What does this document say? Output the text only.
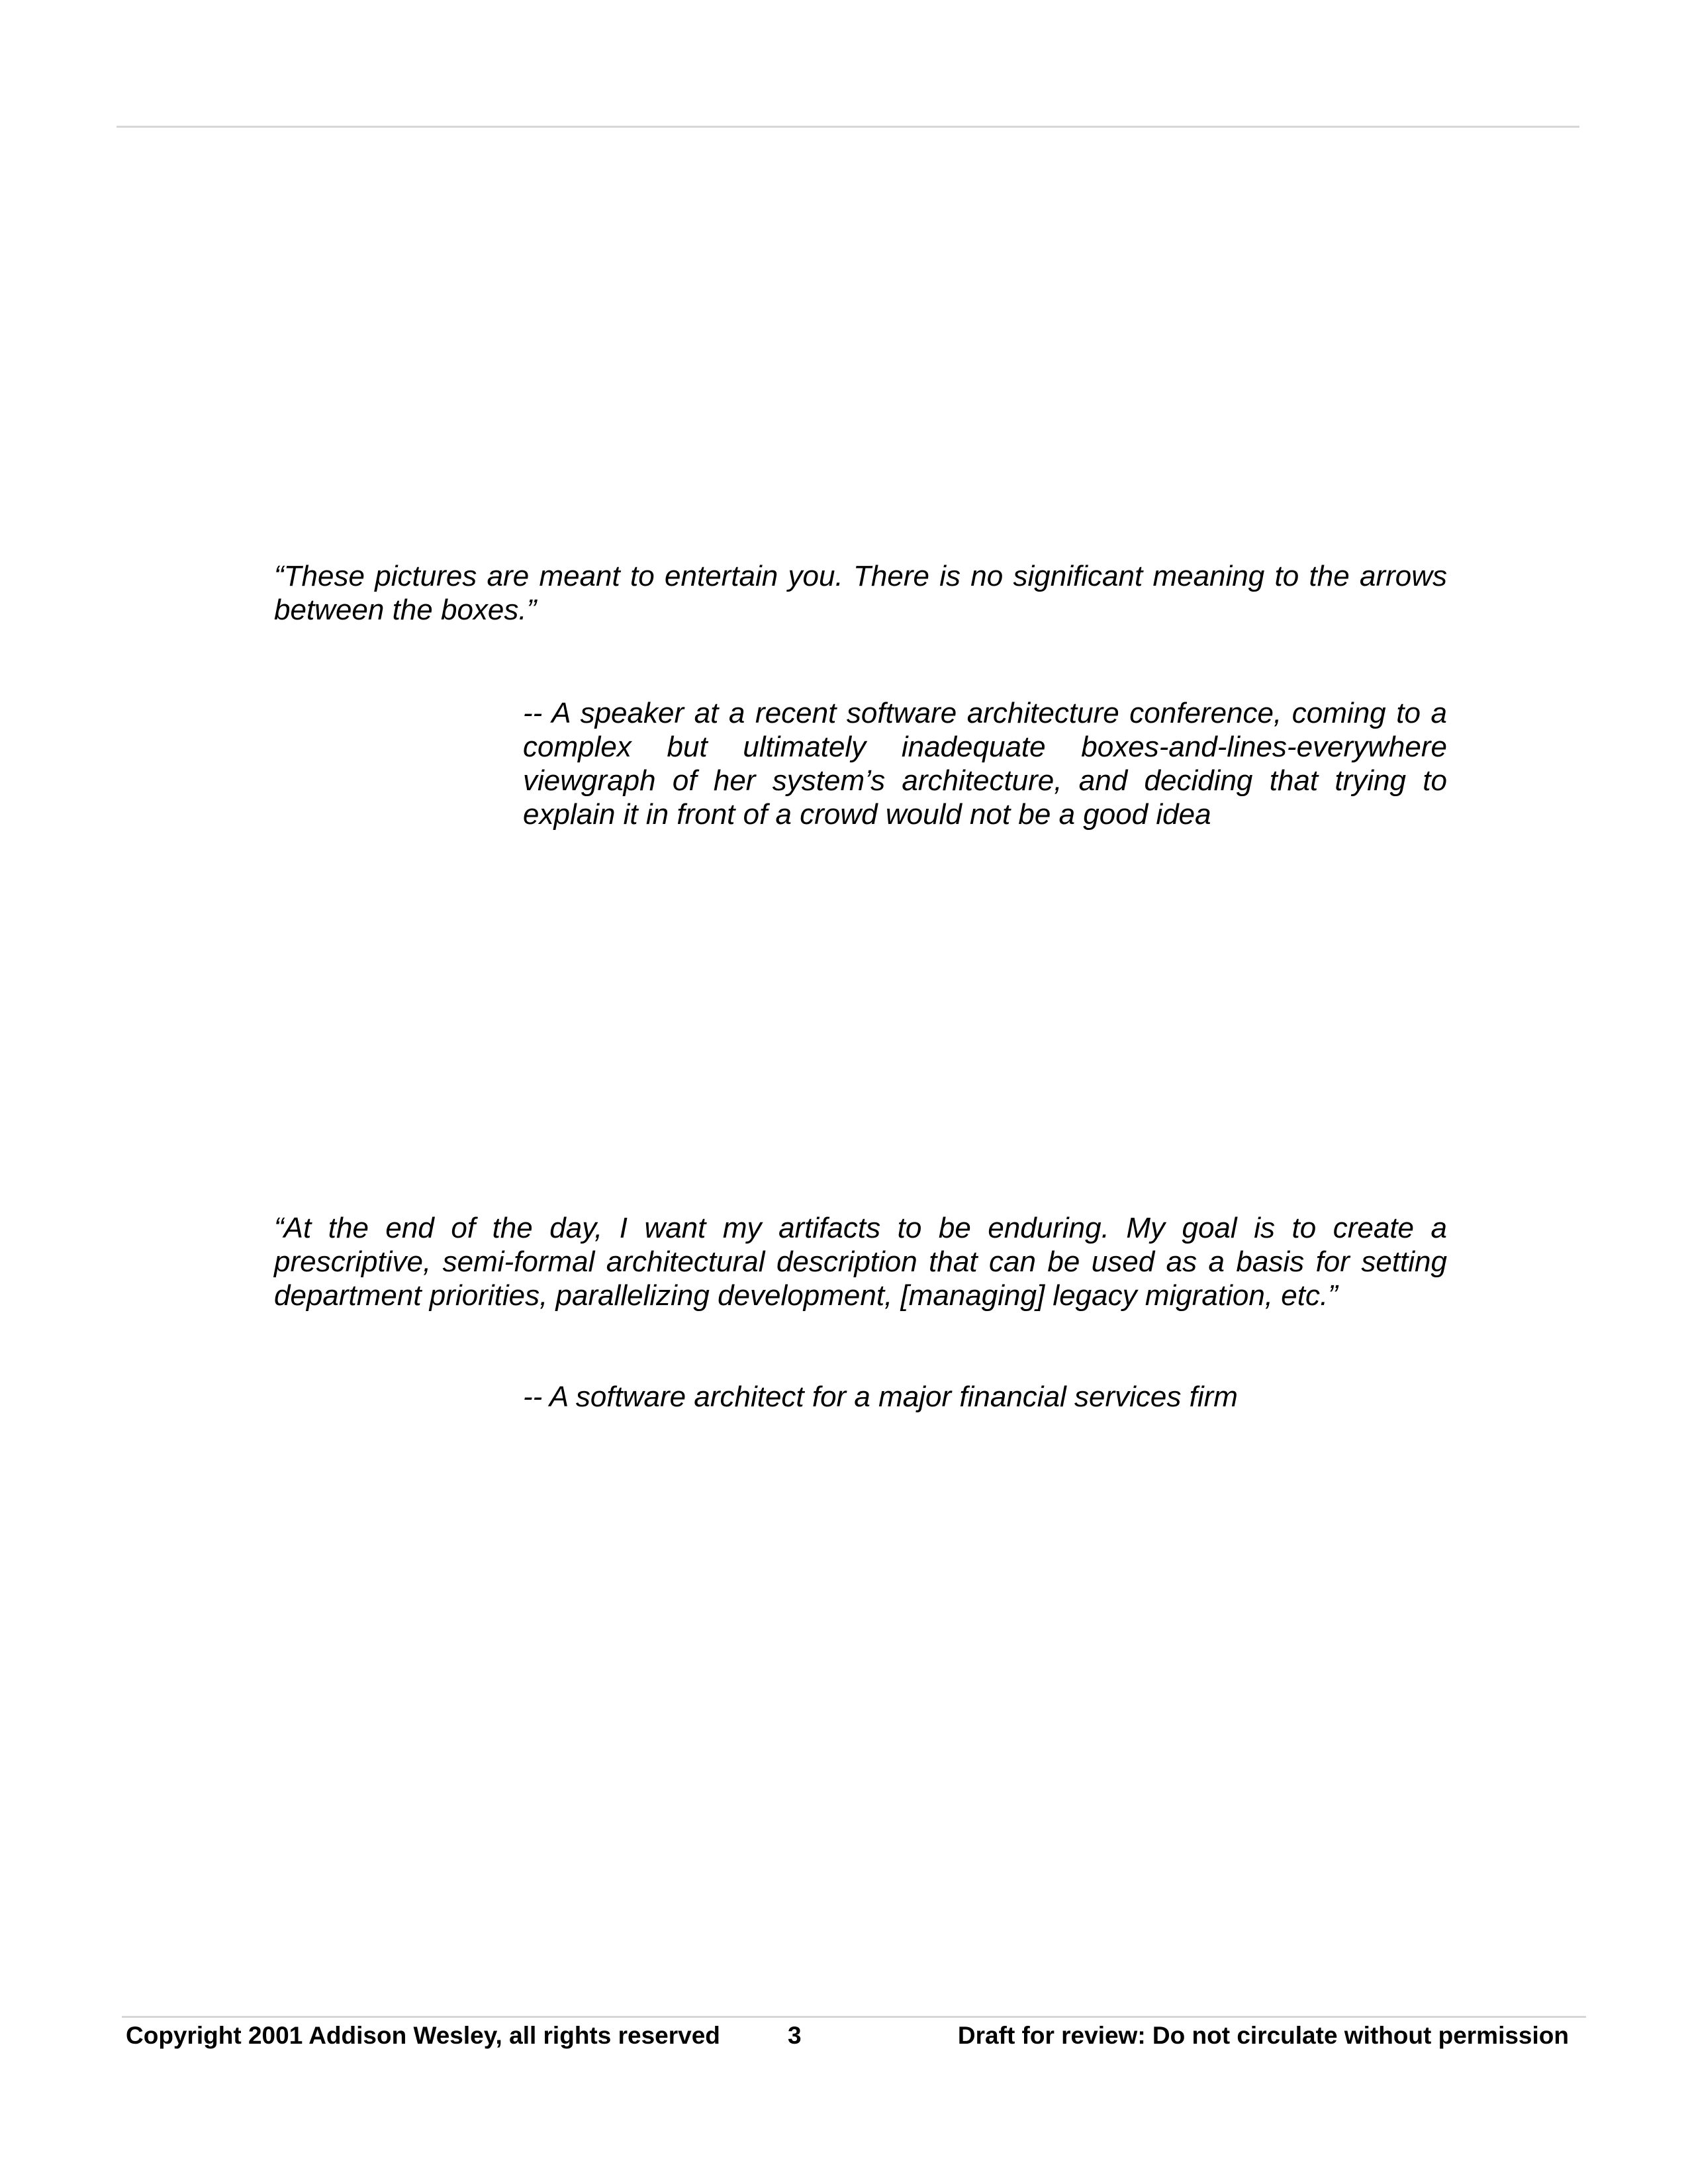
“These pictures are meant to entertain you. There is no significant meaning to the arrows between the boxes.”

-- A speaker at a recent software architecture conference, coming to a complex but ultimately inadequate boxes-and-lines-everywhere viewgraph of her system’s architecture, and deciding that trying to explain it in front of a crowd would not be a good idea

“At the end of the day, I want my artifacts to be enduring. My goal is to create a prescriptive, semi-formal architectural description that can be used as a basis for setting department priorities, parallelizing development, [managing] legacy migration, etc.”

-- A software architect for a major financial services firm

Copyright 2001 Addison Wesley, all rights reserved	3	Draft for review: Do not circulate without permission
